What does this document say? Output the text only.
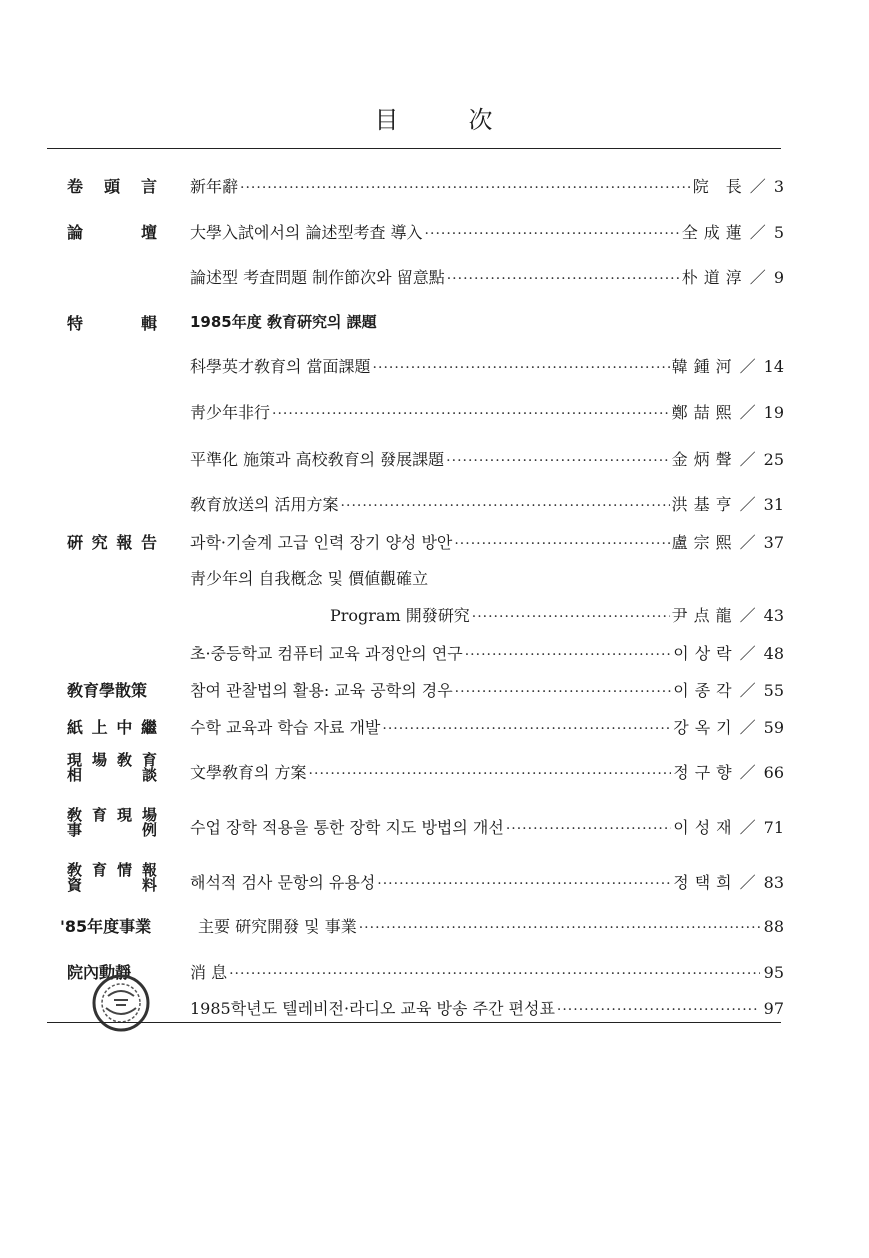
目	次
卷 頭 言 新年辭 ·····	院 長 ／ 3
論	壇 大學入試에서의 論述型考査 導入 ·····	全成蓮 ／ 5
論述型 考査問題 制作節次와 留意點 ·····	朴道淳 ／ 9
特	輯 1985年度 敎育硏究의 課題
科學英才敎育의 當面課題 ·····	韓鍾河 ／ 14
靑少年非行 ·····	鄭喆熙 ／ 19
平準化 施策과 高校敎育의 發展課題 ·····	金炳聲 ／ 25
敎育放送의 活用方案 ·····	洪基亨 ／ 31
硏 究 報 告 과학·기술계 고급 인력 장기 양성 방안 ·····	盧宗熙 ／ 37
靑少年의 自我槪念 및 價値觀確立
Program 開發硏究 ·····	尹点龍 ／ 43
초·중등학교 컴퓨터 교육 과정안의 연구 ·····	이상락 ／ 48
敎育學散策	참여 관찰법의 활용: 교육 공학의 경우 ·····	이종각 ／ 55
紙 上 中 繼 수학 교육과 학습 자료 개발 ·····	강옥기 ／ 59
現 場 敎 育
相	談 文學敎育의 方案 ·····	정구향 ／ 66
敎 育 現 場
事	例 수업 장학 적용을 통한 장학 지도 방법의 개선 ·····	이성재 ／ 71
敎 育 情 報
資	料 해석적 검사 문항의 유용성 ·····	정택희 ／ 83
'85年度事業	主要 硏究開發 및 事業 ·····	88
院內動靜	消 息 ·····	95
1985학년도 텔레비전·라디오 교육 방송 주간 편성표 ·····	97
